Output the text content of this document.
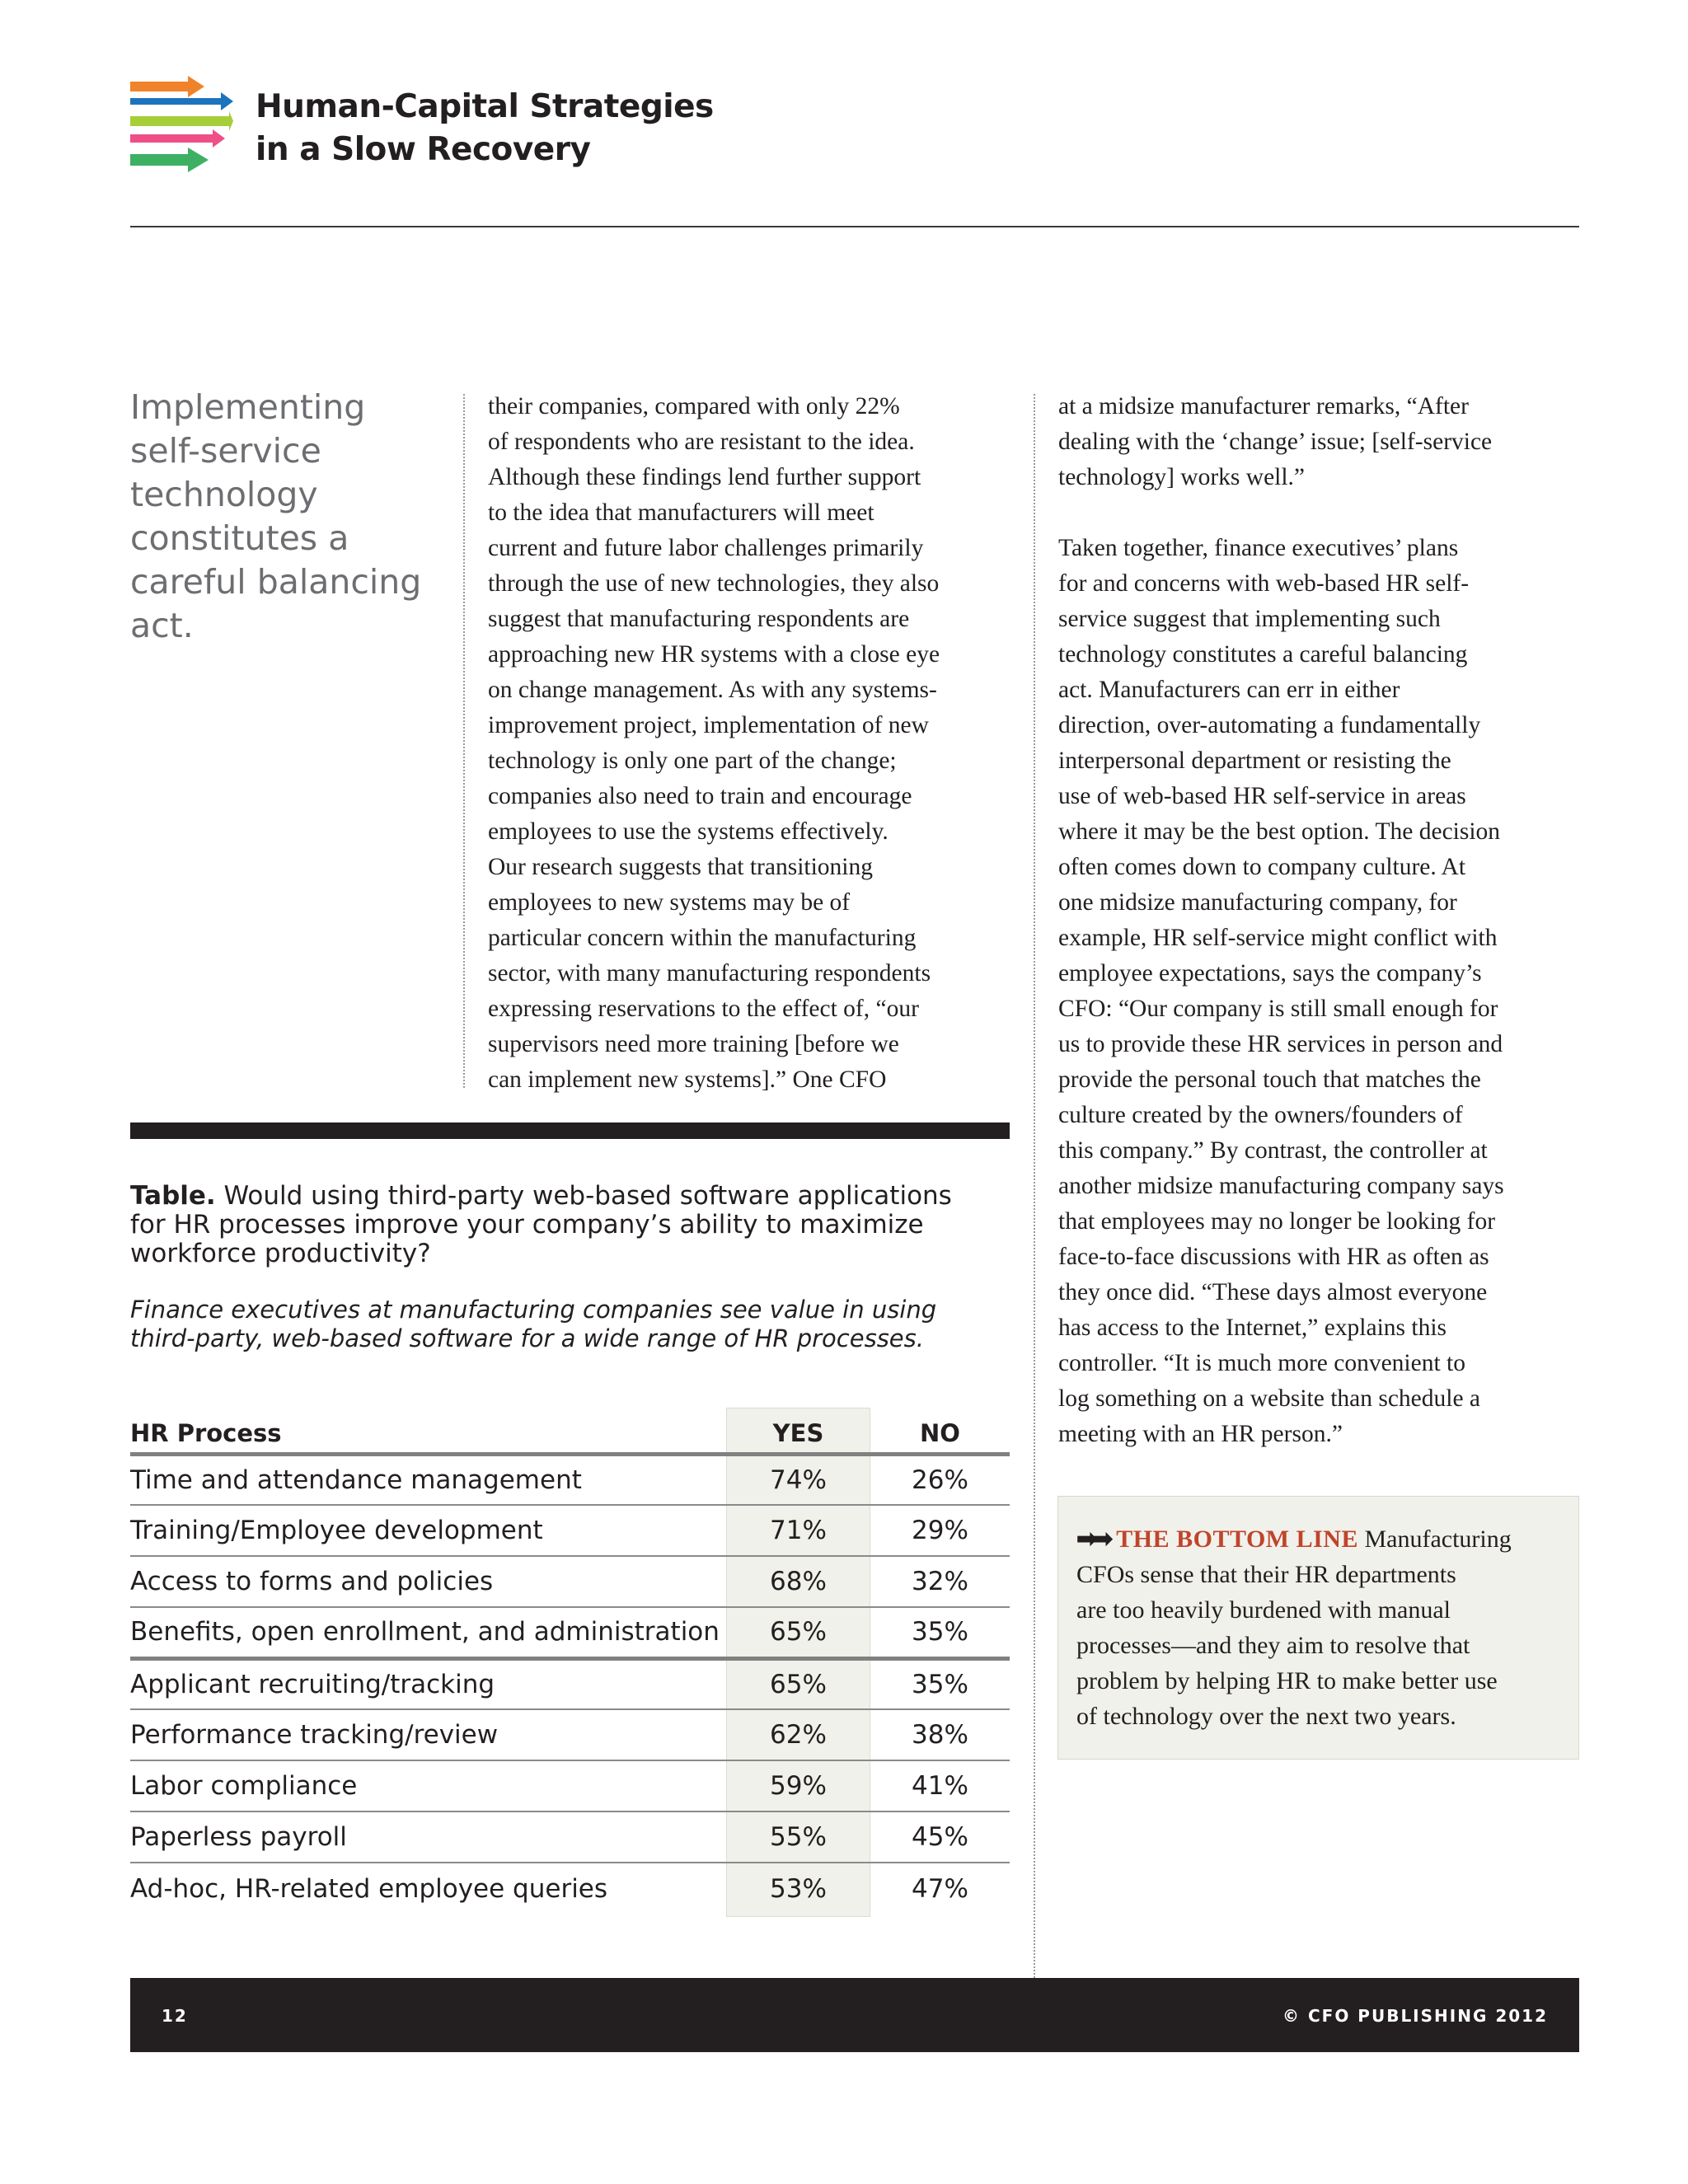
Human-Capital Strategies
in a Slow Recovery
Implementing self-service technology constitutes a careful balancing act.

their companies, compared with only 22%

of respondents who are resistant to the idea.

Although these findings lend further support

to the idea that manufacturers will meet

current and future labor challenges primarily

through the use of new technologies, they also

suggest that manufacturing respondents are

approaching new HR systems with a close eye

on change management. As with any systems-

improvement project, implementation of new

technology is only one part of the change;

companies also need to train and encourage

employees to use the systems effectively.

Our research suggests that transitioning

employees to new systems may be of

particular concern within the manufacturing

sector, with many manufacturing respondents

expressing reservations to the effect of, “our

supervisors need more training [before we

can implement new systems].” One CFO

at a midsize manufacturer remarks, “After

dealing with the ‘change’ issue; [self-service

technology] works well.”

Taken together, finance executives’ plans

for and concerns with web-based HR self-

service suggest that implementing such

technology constitutes a careful balancing

act. Manufacturers can err in either

direction, over-automating a fundamentally

interpersonal department or resisting the

use of web-based HR self-service in areas

where it may be the best option. The decision

often comes down to company culture. At

one midsize manufacturing company, for

example, HR self-service might conflict with

employee expectations, says the company’s

CFO: “Our company is still small enough for

us to provide these HR services in person and

provide the personal touch that matches the

culture created by the owners/founders of

this company.” By contrast, the controller at

another midsize manufacturing company says

that employees may no longer be looking for

face-to-face discussions with HR as often as

they once did. “These days almost everyone

has access to the Internet,” explains this

controller. “It is much more convenient to

log something on a website than schedule a

meeting with an HR person.”

Table. Would using third-party web-based software applications
for HR processes improve your company’s ability to maximize
workforce productivity?
Finance executives at manufacturing companies see value in using
third-party, web-based software for a wide range of HR processes.
HR Process	YES	NO
Time and attendance management	74%	26%
Training/Employee development	71%	29%
Access to forms and policies	68%	32%
Benefits, open enrollment, and administration	65%	35%
Applicant recruiting/tracking	65%	35%
Performance tracking/review	62%	38%
Labor compliance	59%	41%
Paperless payroll	55%	45%
Ad-hoc, HR-related employee queries	53%	47%
➡➡ THE BOTTOM LINE Manufacturing
CFOs sense that their HR departments
are too heavily burdened with manual
processes—and they aim to resolve that
problem by helping HR to make better use
of technology over the next two years.
12	© CFO PUBLISHING 2012
